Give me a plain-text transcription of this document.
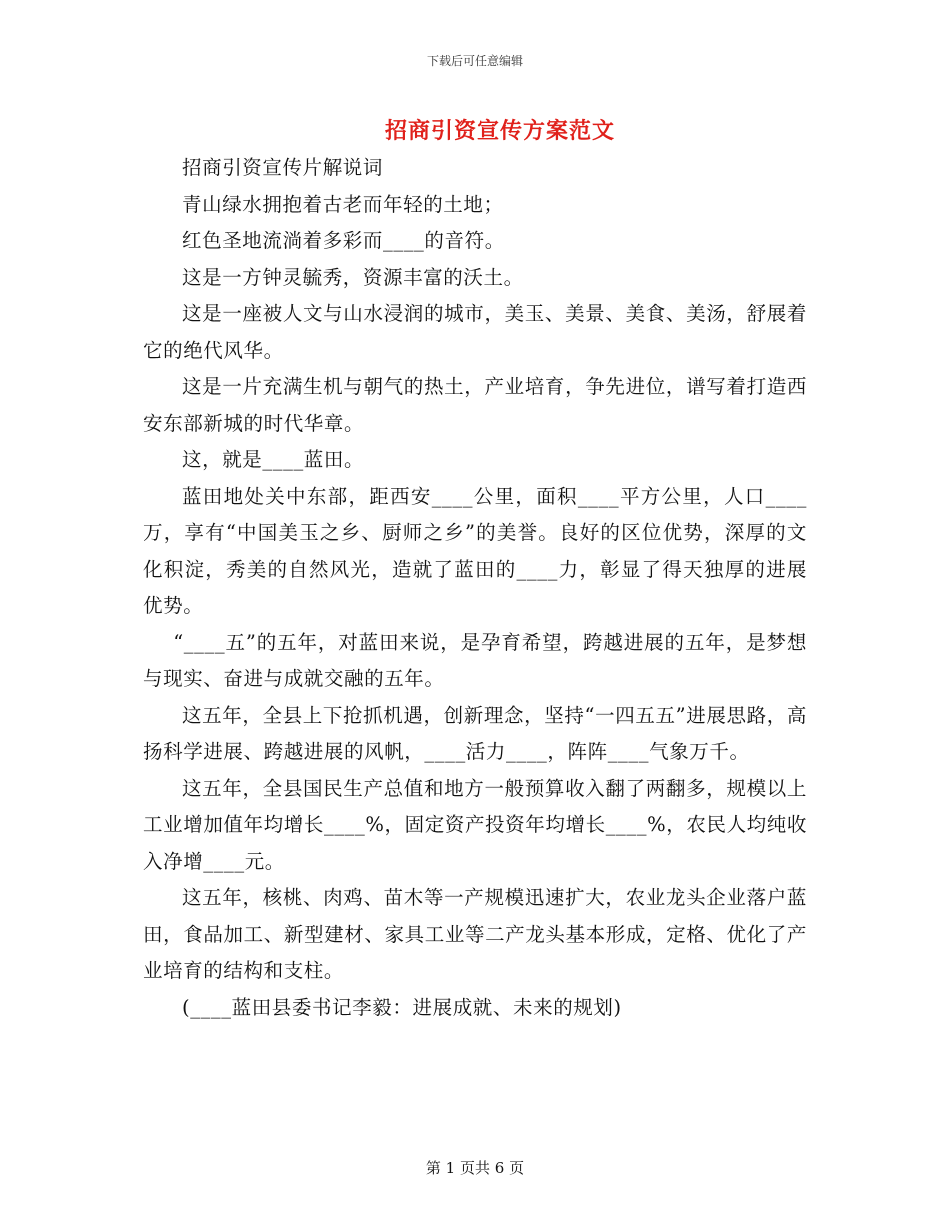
下载后可任意编辑
招商引资宣传方案范文

招商引资宣传片解说词

青山绿水拥抱着古老而年轻的土地；

红色圣地流淌着多彩而____的音符。

这是一方钟灵毓秀，资源丰富的沃土。

这是一座被人文与山水浸润的城市，美玉、美景、美食、美汤，舒展着它的绝代风华。

这是一片充满生机与朝气的热土，产业培育，争先进位，谱写着打造西安东部新城的时代华章。

这，就是____蓝田。

蓝田地处关中东部，距西安____公里，面积____平方公里，人口____万，享有“中国美玉之乡、厨师之乡”的美誉。良好的区位优势，深厚的文化积淀，秀美的自然风光，造就了蓝田的____力，彰显了得天独厚的进展优势。

“____五”的五年，对蓝田来说，是孕育希望，跨越进展的五年，是梦想与现实、奋进与成就交融的五年。

这五年，全县上下抢抓机遇，创新理念，坚持“一四五五”进展思路，高扬科学进展、跨越进展的风帆，____活力____，阵阵____气象万千。

这五年，全县国民生产总值和地方一般预算收入翻了两翻多，规模以上工业增加值年均增长____%，固定资产投资年均增长____%，农民人均纯收入净增____元。

这五年，核桃、肉鸡、苗木等一产规模迅速扩大，农业龙头企业落户蓝田，食品加工、新型建材、家具工业等二产龙头基本形成，定格、优化了产业培育的结构和支柱。

(____蓝田县委书记李毅：进展成就、未来的规划)

第 1 页共 6 页
